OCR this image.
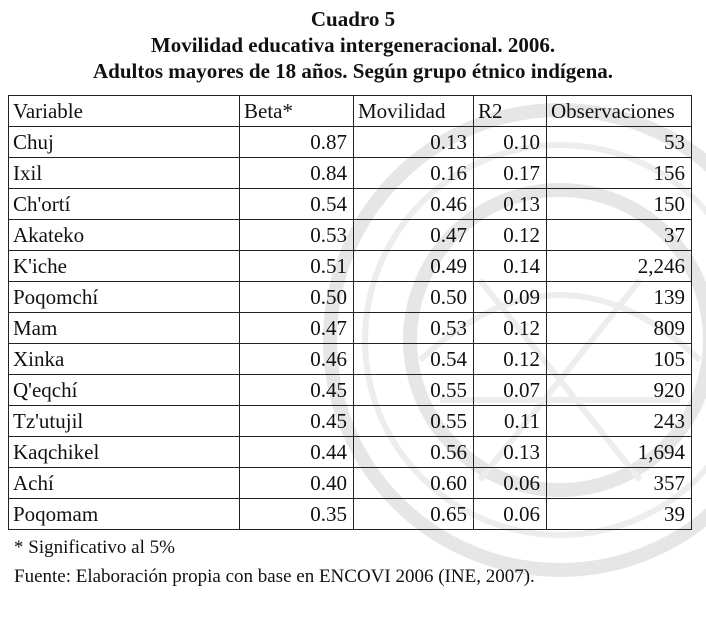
Cuadro 5
Movilidad educativa intergeneracional. 2006.
Adultos mayores de 18 años. Según grupo étnico indígena.
Variable	Beta*	Movilidad	R2	Observaciones
Chuj	0.87	0.13	0.10	53
Ixil	0.84	0.16	0.17	156
Ch'ortí	0.54	0.46	0.13	150
Akateko	0.53	0.47	0.12	37
K'iche	0.51	0.49	0.14	2,246
Poqomchí	0.50	0.50	0.09	139
Mam	0.47	0.53	0.12	809
Xinka	0.46	0.54	0.12	105
Q'eqchí	0.45	0.55	0.07	920
Tz'utujil	0.45	0.55	0.11	243
Kaqchikel	0.44	0.56	0.13	1,694
Achí	0.40	0.60	0.06	357
Poqomam	0.35	0.65	0.06	39
* Significativo al 5%
Fuente: Elaboración propia con base en ENCOVI 2006 (INE, 2007).
